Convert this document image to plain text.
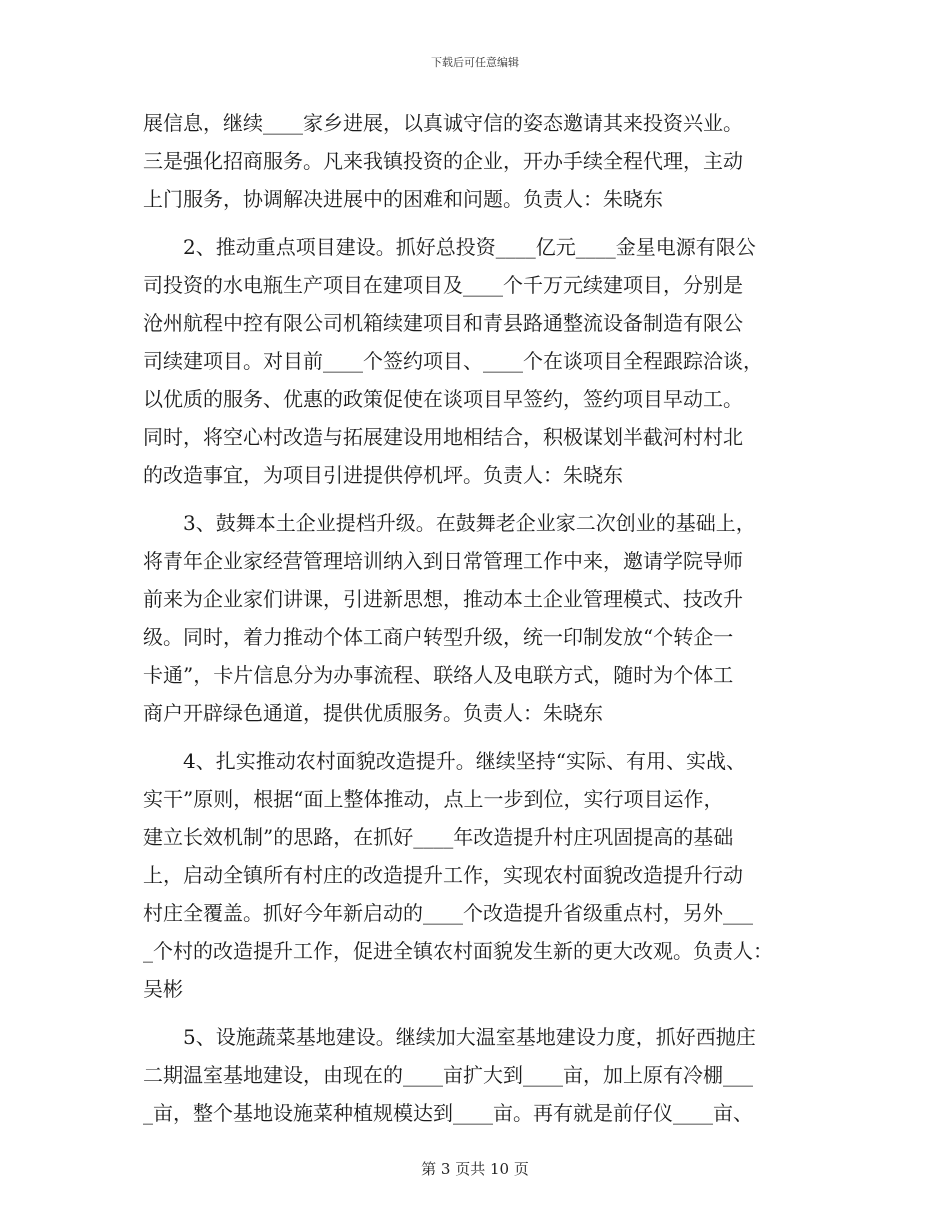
下载后可任意编辑
展信息，继续____家乡进展，以真诚守信的姿态邀请其来投资兴业。
三是强化招商服务。凡来我镇投资的企业，开办手续全程代理，主动
上门服务，协调解决进展中的困难和问题。负责人：朱晓东
　　2、推动重点项目建设。抓好总投资____亿元____金星电源有限公
司投资的水电瓶生产项目在建项目及____个千万元续建项目，分别是
沧州航程中控有限公司机箱续建项目和青县路通整流设备制造有限公
司续建项目。对目前____个签约项目、____个在谈项目全程跟踪洽谈，
以优质的服务、优惠的政策促使在谈项目早签约，签约项目早动工。
同时，将空心村改造与拓展建设用地相结合，积极谋划半截河村村北
的改造事宜，为项目引进提供停机坪。负责人：朱晓东
　　3、鼓舞本土企业提档升级。在鼓舞老企业家二次创业的基础上，
将青年企业家经营管理培训纳入到日常管理工作中来，邀请学院导师
前来为企业家们讲课，引进新思想，推动本土企业管理模式、技改升
级。同时，着力推动个体工商户转型升级，统一印制发放“个转企一
卡通”，卡片信息分为办事流程、联络人及电联方式，随时为个体工
商户开辟绿色通道，提供优质服务。负责人：朱晓东
　　4、扎实推动农村面貌改造提升。继续坚持“实际、有用、实战、
实干”原则，根据“面上整体推动，点上一步到位，实行项目运作，
建立长效机制”的思路，在抓好____年改造提升村庄巩固提高的基础
上，启动全镇所有村庄的改造提升工作，实现农村面貌改造提升行动
村庄全覆盖。抓好今年新启动的____个改造提升省级重点村，另外___
_个村的改造提升工作，促进全镇农村面貌发生新的更大改观。负责人：
吴彬
　　5、设施蔬菜基地建设。继续加大温室基地建设力度，抓好西抛庄
二期温室基地建设，由现在的____亩扩大到____亩，加上原有冷棚___
_亩，整个基地设施菜种植规模达到____亩。再有就是前仔仪____亩、
第 3 页共 10 页
